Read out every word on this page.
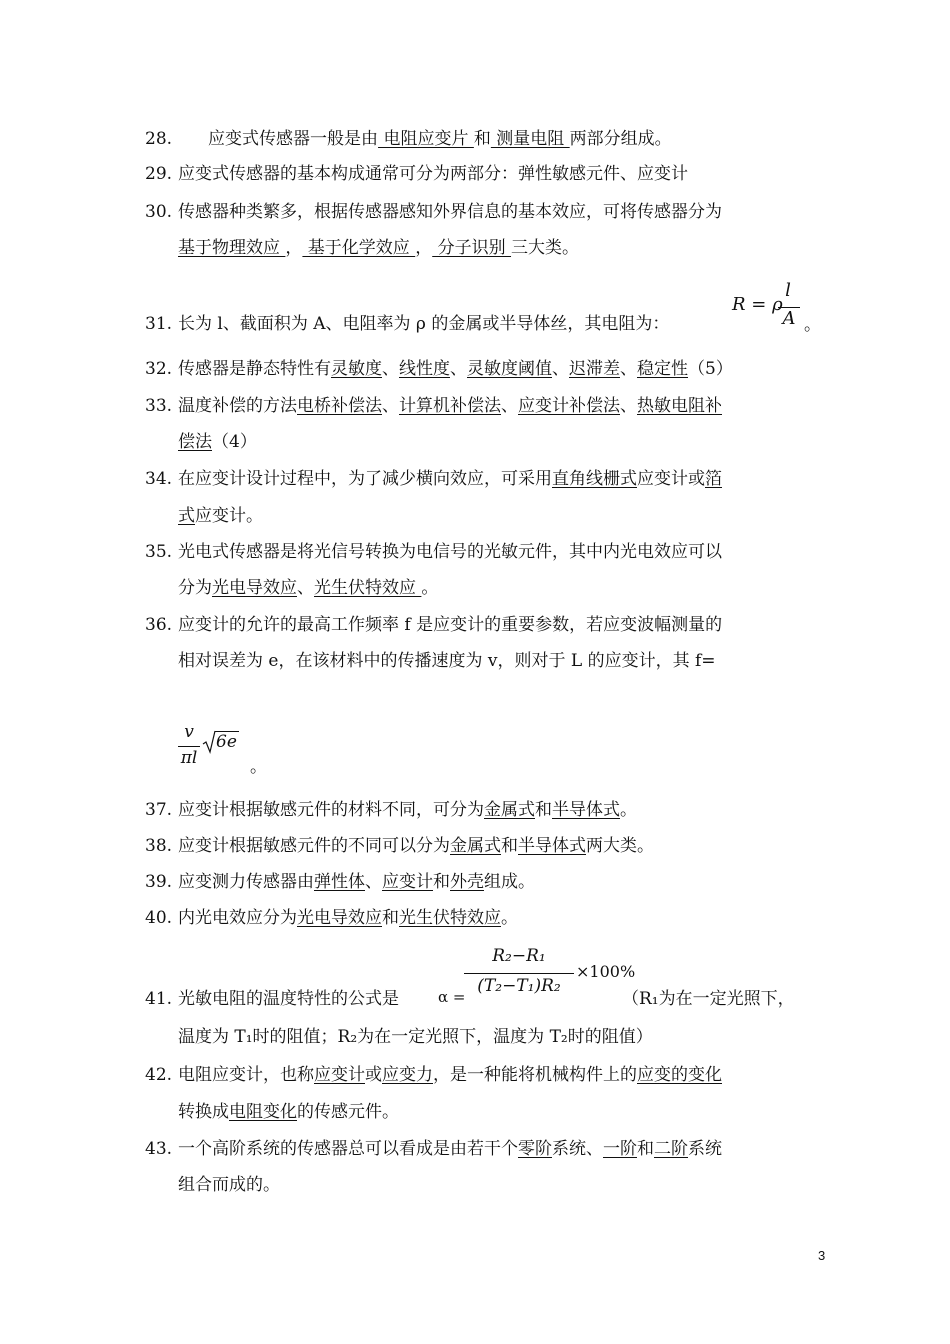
28. 应变式传感器一般是由 电阻应变片 和 测量电阻 两部分组成。
29. 应变式传感器的基本构成通常可分为两部分：弹性敏感元件、应变计
30. 传感器种类繁多，根据传感器感知外界信息的基本效应，可将传感器分为
基于物理效应 ， 基于化学效应 ， 分子识别 三大类。
31. 长为 l、截面积为 A、电阻率为 ρ 的金属或半导体丝，其电阻为：
R = ρ
l
A 。
32. 传感器是静态特性有灵敏度、线性度、灵敏度阈值、迟滞差、稳定性（5）
33. 温度补偿的方法电桥补偿法、计算机补偿法、应变计补偿法、热敏电阻补
偿法（4）
34. 在应变计设计过程中，为了减少横向效应，可采用直角线栅式应变计或箔
式应变计。
35. 光电式传感器是将光信号转换为电信号的光敏元件，其中内光电效应可以
分为光电导效应、光生伏特效应 。
36. 应变计的允许的最高工作频率 f 是应变计的重要参数，若应变波幅测量的
相对误差为 e，在该材料中的传播速度为 v，则对于 L 的应变计，其 f=
v
πl
6e
。
37. 应变计根据敏感元件的材料不同，可分为金属式和半导体式。
38. 应变计根据敏感元件的不同可以分为金属式和半导体式两大类。
39. 应变测力传感器由弹性体、应变计和外壳组成。
40. 内光电效应分为光电导效应和光生伏特效应。
41. 光敏电阻的温度特性的公式是	α =
R₂−R₁
(T₂−T₁)R₂
×100%
（R₁为在一定光照下，
温度为 T₁时的阻值；R₂为在一定光照下，温度为 T₂时的阻值）
42. 电阻应变计，也称应变计或应变力，是一种能将机械构件上的应变的变化
转换成电阻变化的传感元件。
43. 一个高阶系统的传感器总可以看成是由若干个零阶系统、一阶和二阶系统
组合而成的。
3
